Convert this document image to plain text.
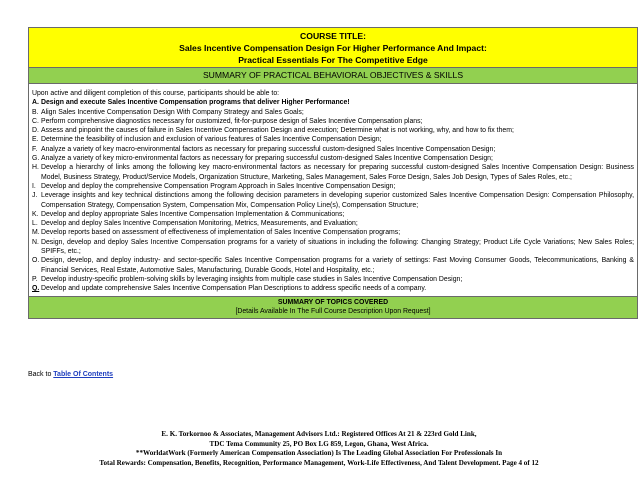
COURSE TITLE:
Sales Incentive Compensation Design For Higher Performance And Impact:
Practical Essentials For The Competitive Edge
SUMMARY OF PRACTICAL BEHAVIORAL OBJECTIVES & SKILLS
Upon active and diligent completion of this course, participants should be able to:
A. Design and execute Sales Incentive Compensation programs that deliver Higher Performance!
B. Align Sales Incentive Compensation Design With Company Strategy and Sales Goals;
C. Perform comprehensive diagnostics necessary for customized, fit-for-purpose design of Sales Incentive Compensation plans;
D. Assess and pinpoint the causes of failure in Sales Incentive Compensation Design and execution; Determine what is not working, why, and how to fix them;
E. Determine the feasibility of inclusion and exclusion of various features of Sales Incentive Compensation Design;
F. Analyze a variety of key macro-environmental factors as necessary for preparing successful custom-designed Sales Incentive Compensation Design;
G. Analyze a variety of key micro-environmental factors as necessary for preparing successful custom-designed Sales Incentive Compensation Design;
H. Develop a hierarchy of links among the following key macro-environmental factors as necessary for preparing successful custom-designed Sales Incentive Compensation Design: Business Model, Business Strategy, Product/Service Models, Organization Structure, Marketing, Sales Management, Sales Force Design, Sales Job Design, Types of Sales Roles, etc.;
I. Develop and deploy the comprehensive Compensation Program Approach in Sales Incentive Compensation Design;
J. Leverage insights and key technical distinctions among the following decision parameters in developing superior customized Sales Incentive Compensation Design: Compensation Philosophy, Compensation Strategy, Compensation System, Compensation Mix, Compensation Policy Line(s), Compensation Structure;
K. Develop and deploy appropriate Sales Incentive Compensation Implementation & Communications;
L. Develop and deploy Sales Incentive Compensation Monitoring, Metrics, Measurements, and Evaluation;
M. Develop reports based on assessment of effectiveness of implementation of Sales Incentive Compensation programs;
N. Design, develop and deploy Sales Incentive Compensation programs for a variety of situations in including the following: Changing Strategy; Product Life Cycle Variations; New Sales Roles; SPIFFs, etc.;
O. Design, develop, and deploy industry- and sector-specific Sales Incentive Compensation programs for a variety of settings: Fast Moving Consumer Goods, Telecommunications, Banking & Financial Services, Real Estate, Automotive Sales, Manufacturing, Durable Goods, Hotel and Hospitality, etc.;
P. Develop industry-specific problem-solving skills by leveraging insights from multiple case studies in Sales Incentive Compensation Design;
Q. Develop and update comprehensive Sales Incentive Compensation Plan Descriptions to address specific needs of a company.
SUMMARY OF TOPICS COVERED
[Details Available In The Full Course Description Upon Request]
Back to Table Of Contents
E. K. Torkornoo & Associates, Management Advisors Ltd.: Registered Offices At 21 & 223rd Gold Link,
TDC Tema Community 25, PO Box LG 859, Legon, Ghana, West Africa.
**WorldatWork (Formerly American Compensation Association) Is The Leading Global Association For Professionals In
Total Rewards: Compensation, Benefits, Recognition, Performance Management, Work-Life Effectiveness, And Talent Development. Page 4 of 12
